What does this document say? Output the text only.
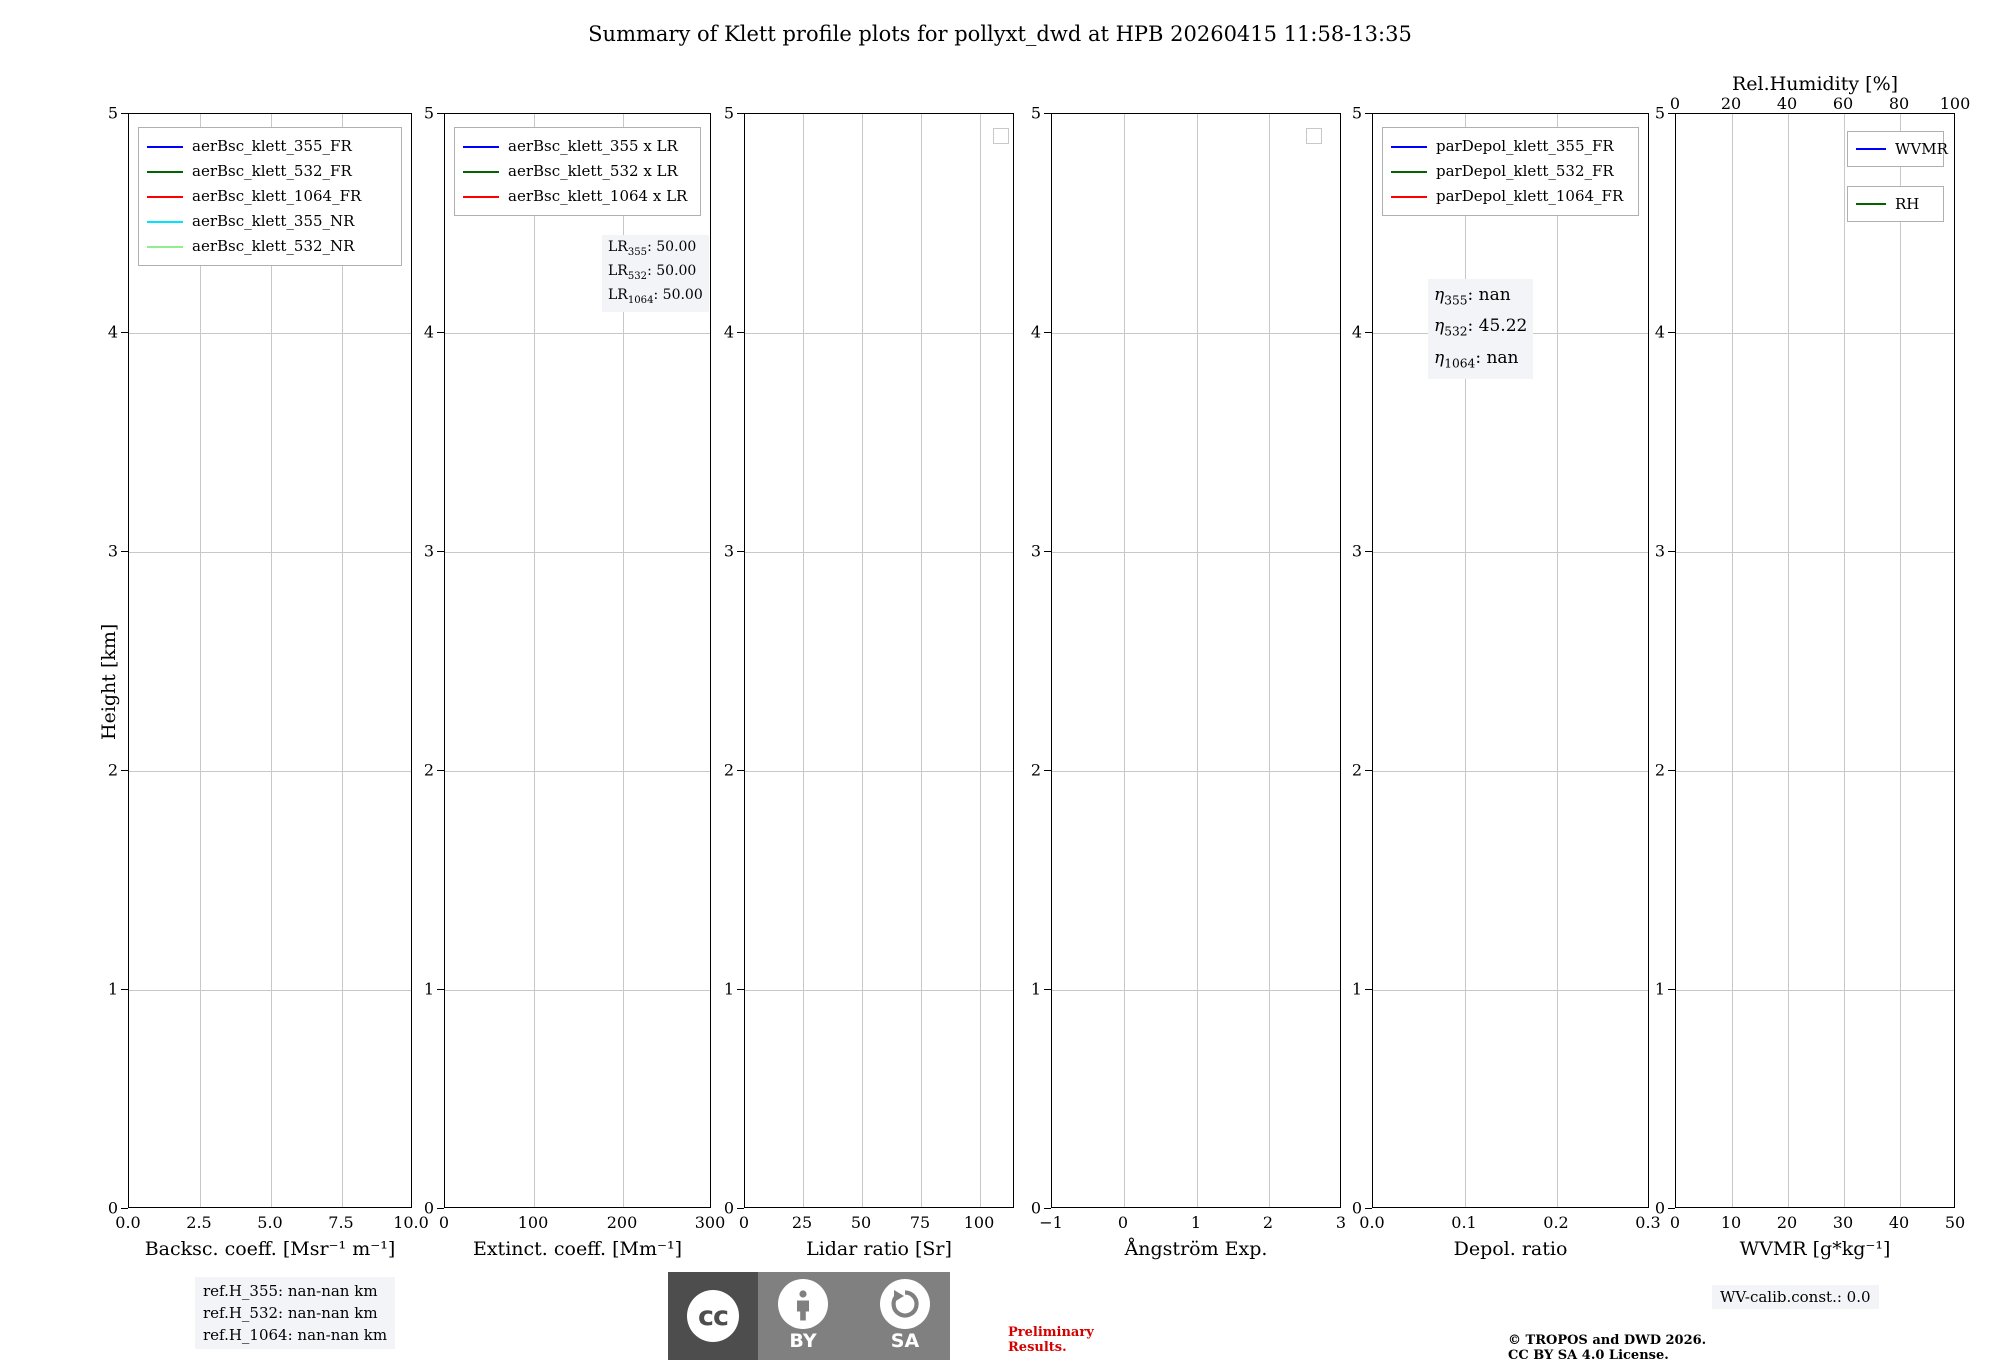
Summary of Klett profile plots for pollyxt_dwd at HPB 20260415 11:58-13:35
Height [km]
0
1
2
3
4
5
0.0	2.5	5.0	7.5 10.0
Backsc. coeff. [Msr⁻¹ m⁻¹]
aerBsc_klett_355_FR
aerBsc_klett_532_FR
aerBsc_klett_1064_FR
aerBsc_klett_355_NR
aerBsc_klett_532_NR
0
1
2
3
4
5
0	100	200	300
Extinct. coeff. [Mm⁻¹]
aerBsc_klett_355 x LR
aerBsc_klett_532 x LR
aerBsc_klett_1064 x LR
$LR_{355}$: 50.00
$LR_{532}$: 50.00
$LR_{1064}$: 50.00
0
1
2
3
4
5
0	25 50 75 100
Lidar ratio [Sr]
0
1
2
3
4
5
−1	0	1	2	3
Ångström Exp.
0
1
2
3
4
5
0.0	0.1	0.2	0.3
Depol. ratio
parDepol_klett_355_FR
parDepol_klett_532_FR
parDepol_klett_1064_FR
$\eta_{355}$: nan
$\eta_{532}$: 45.22
$\eta_{1064}$: nan
0
1
2
3
4
5
0	10 20 30 40 50
WVMR [g*kg⁻¹]
Rel.Humidity [%]
0	20 40 60 80 100
WVMR
RH
ref.H_355: nan-nan km
ref.H_532: nan-nan km
ref.H_1064: nan-nan km
WV-calib.const.: 0.0
Preliminary
Results.	© TROPOS and DWD 2026.
CC BY SA 4.0 License.
cc
BY	SA
